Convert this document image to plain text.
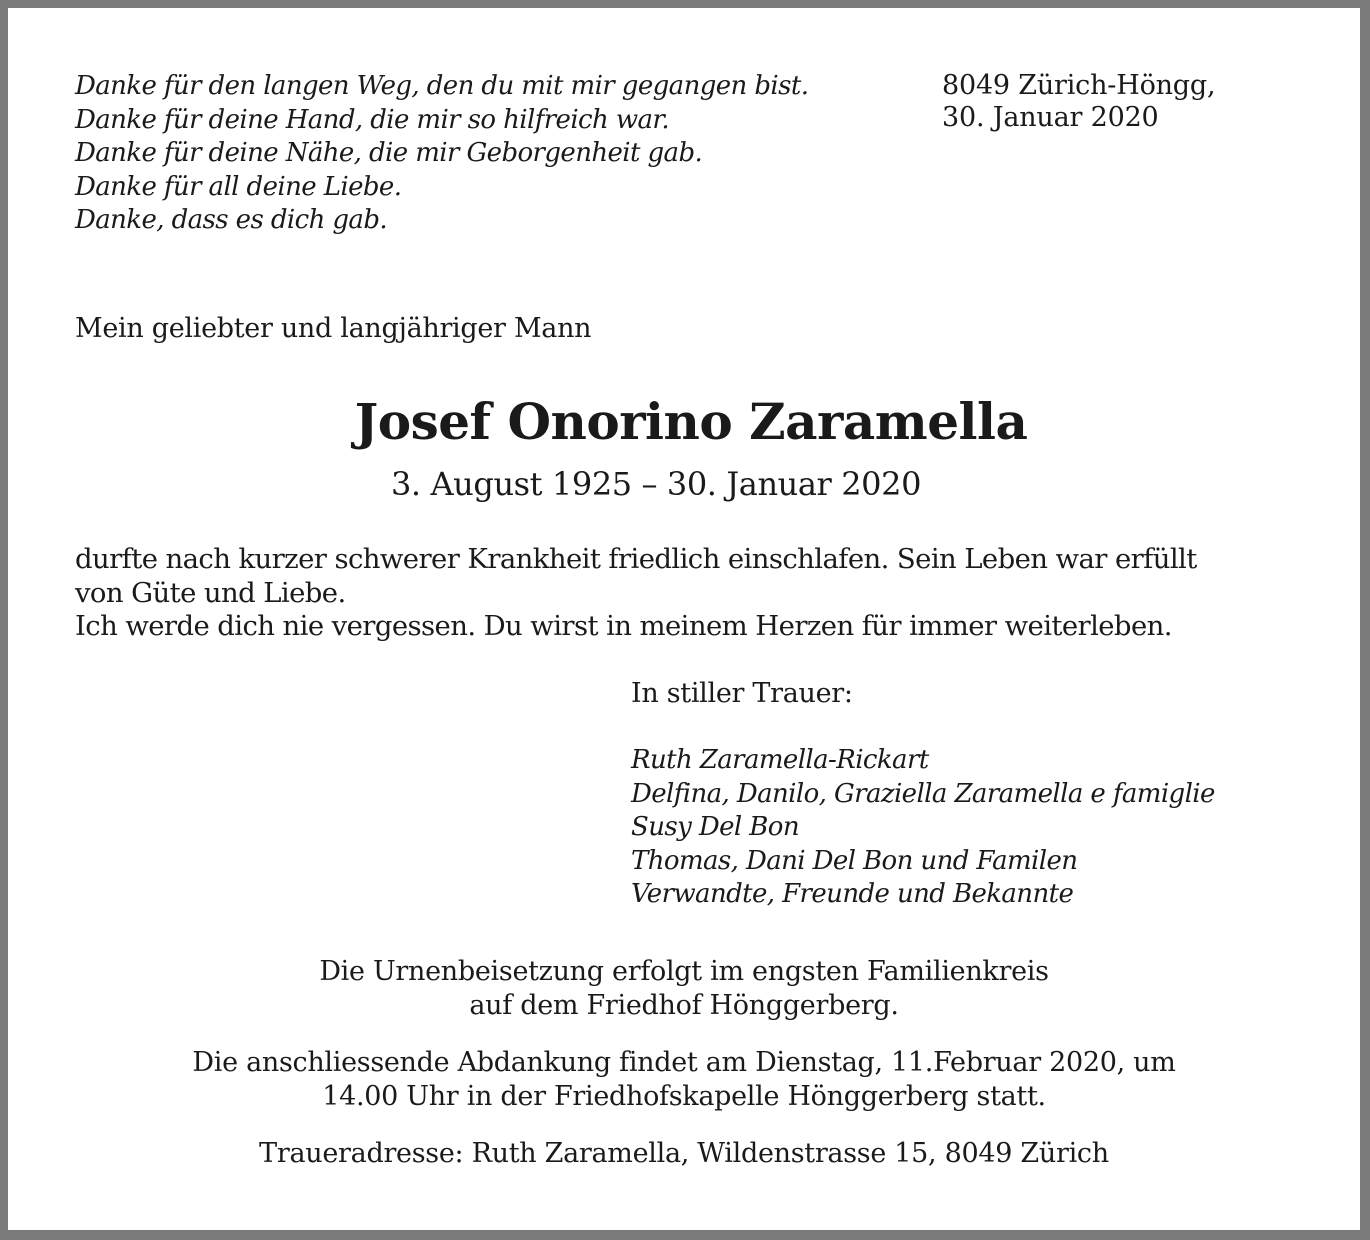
Danke für den langen Weg, den du mit mir gegangen bist.
Danke für deine Hand, die mir so hilfreich war.
Danke für deine Nähe, die mir Geborgenheit gab.
Danke für all deine Liebe.
Danke, dass es dich gab.
8049 Zürich-Höngg,
30. Januar 2020
Mein geliebter und langjähriger Mann
Josef Onorino Zaramella
3. August 1925 – 30. Januar 2020
durfte nach kurzer schwerer Krankheit friedlich einschlafen. Sein Leben war erfüllt
von Güte und Liebe.
Ich werde dich nie vergessen. Du wirst in meinem Herzen für immer weiterleben.
In stiller Trauer:
Ruth Zaramella-Rickart
Delfina, Danilo, Graziella Zaramella e famiglie
Susy Del Bon
Thomas, Dani Del Bon und Familen
Verwandte, Freunde und Bekannte
Die Urnenbeisetzung erfolgt im engsten Familienkreis
auf dem Friedhof Hönggerberg.
Die anschliessende Abdankung findet am Dienstag, 11.Februar 2020, um
14.00 Uhr in der Friedhofskapelle Hönggerberg statt.
Traueradresse: Ruth Zaramella, Wildenstrasse 15, 8049 Zürich
